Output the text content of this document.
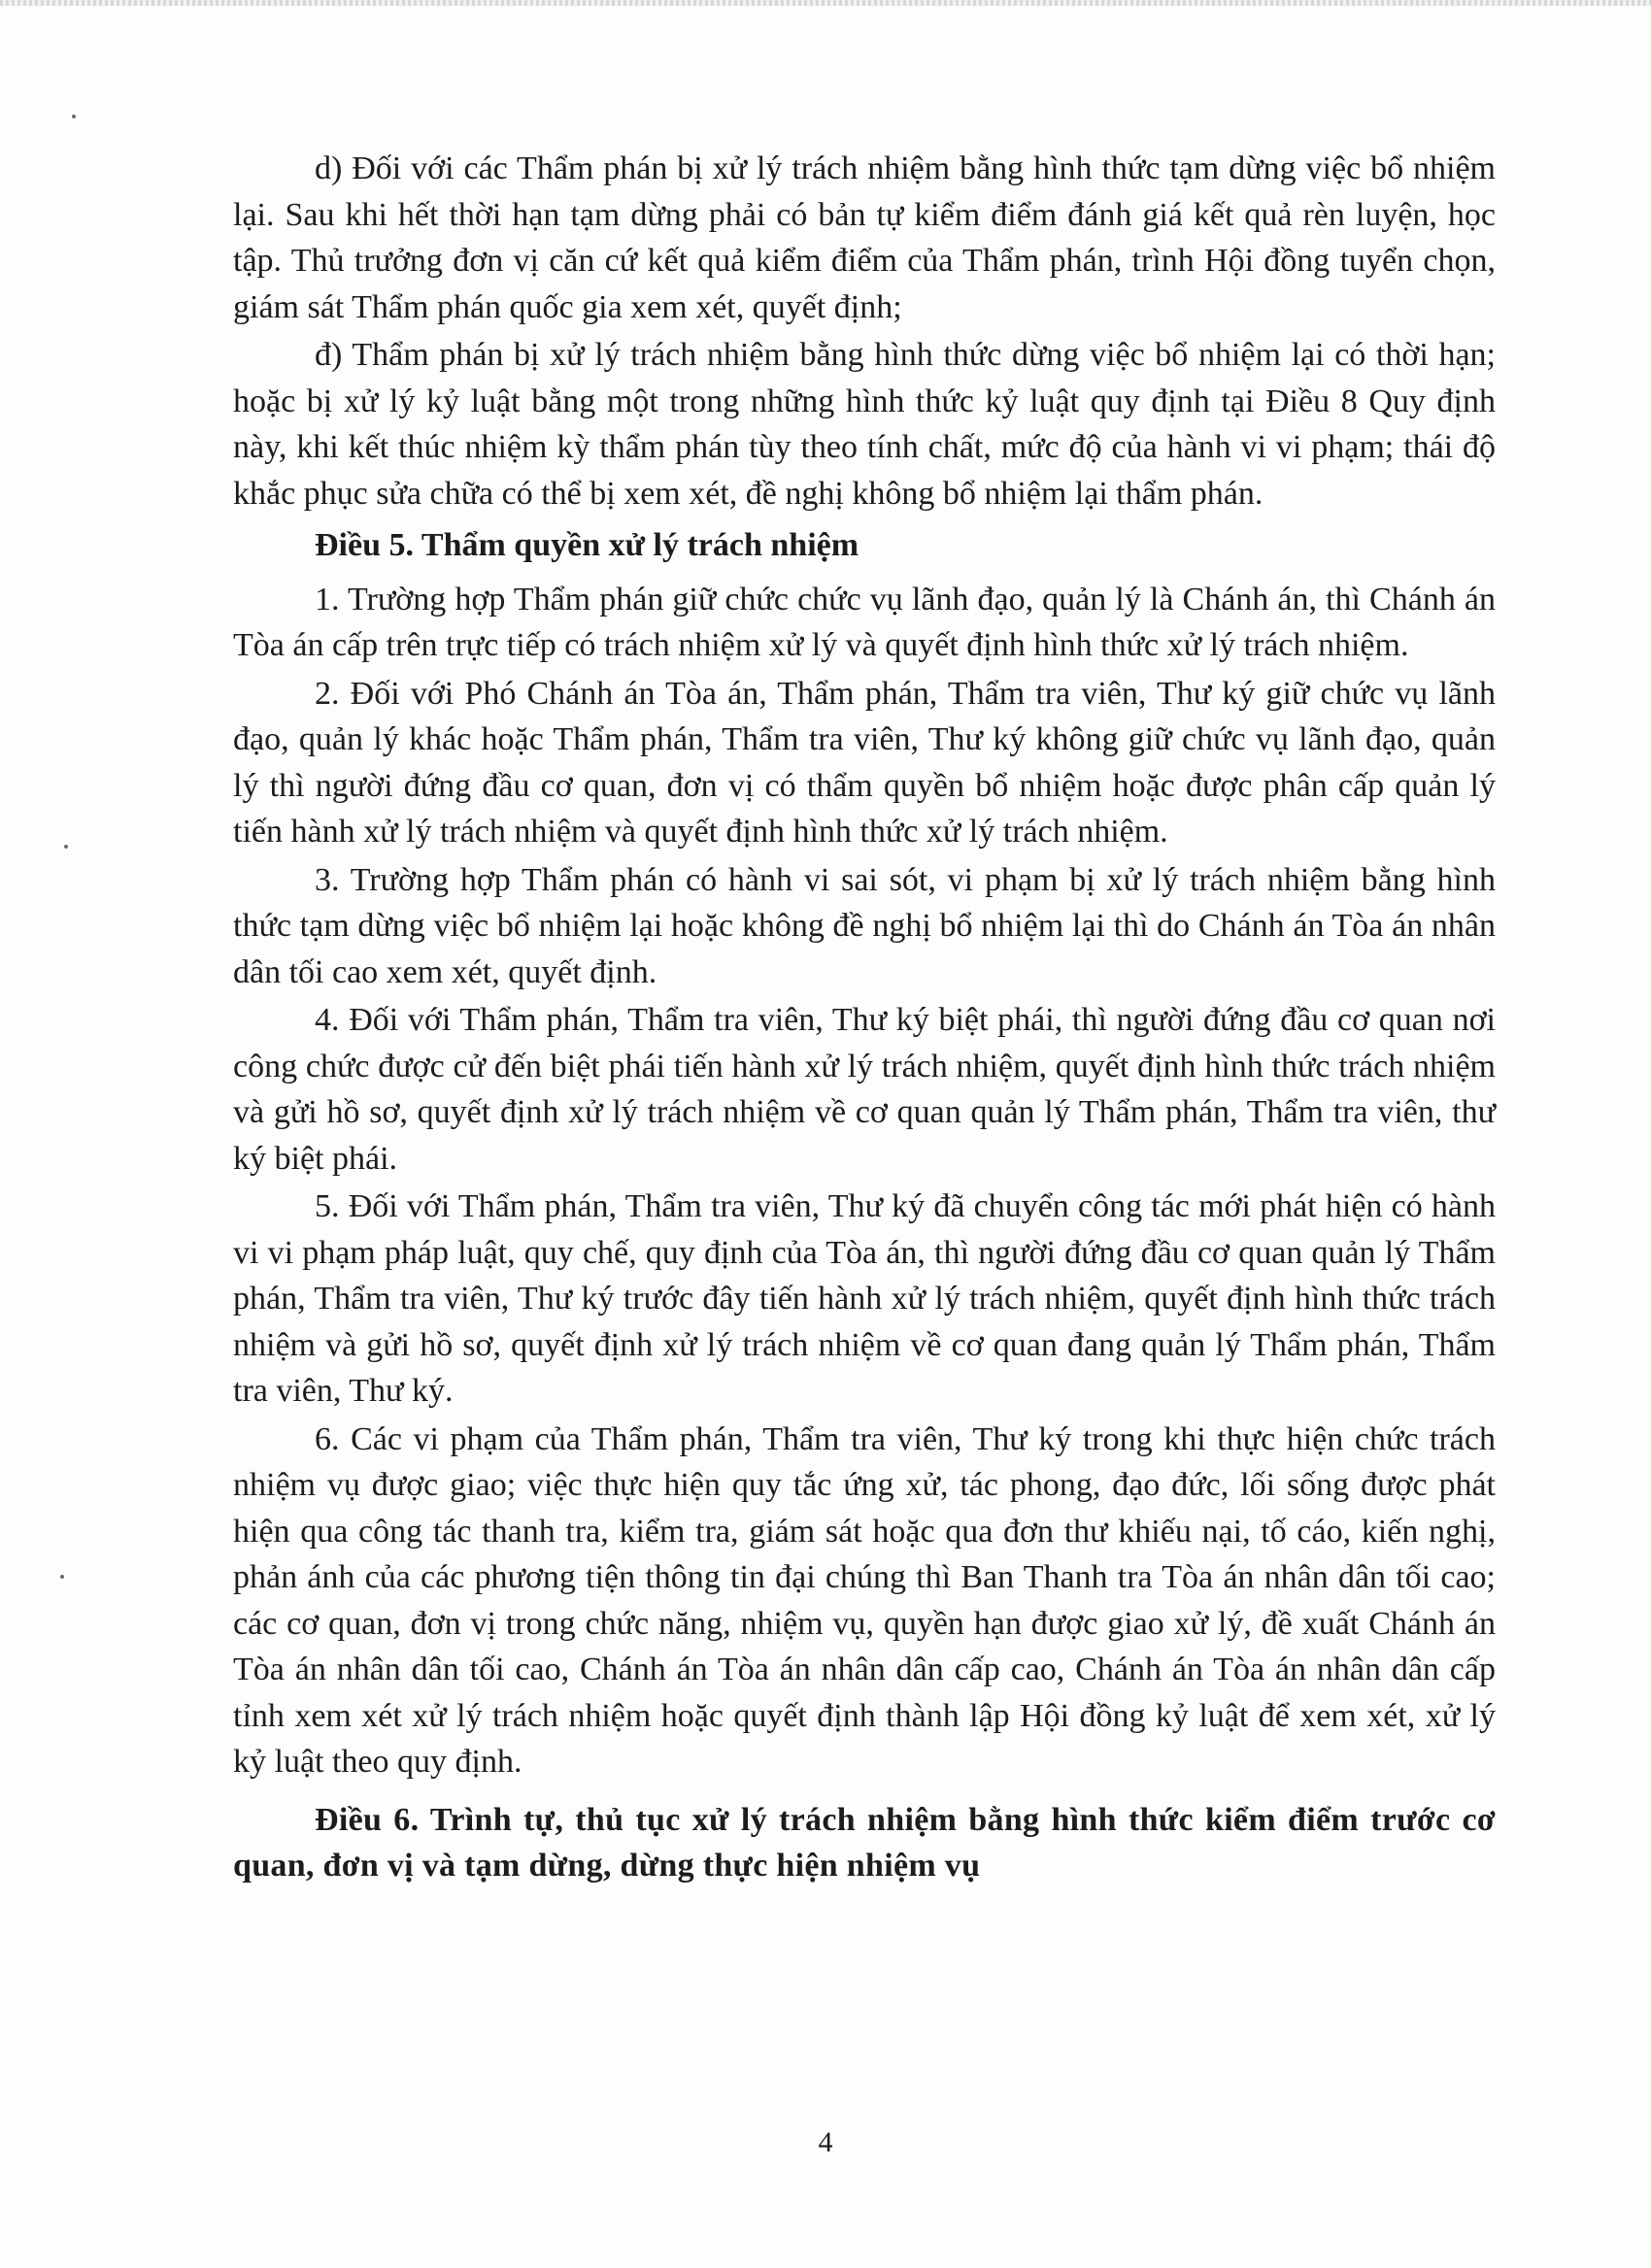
d) Đối với các Thẩm phán bị xử lý trách nhiệm bằng hình thức tạm dừng việc bổ nhiệm lại. Sau khi hết thời hạn tạm dừng phải có bản tự kiểm điểm đánh giá kết quả rèn luyện, học tập. Thủ trưởng đơn vị căn cứ kết quả kiểm điểm của Thẩm phán, trình Hội đồng tuyển chọn, giám sát Thẩm phán quốc gia xem xét, quyết định;

đ) Thẩm phán bị xử lý trách nhiệm bằng hình thức dừng việc bổ nhiệm lại có thời hạn; hoặc bị xử lý kỷ luật bằng một trong những hình thức kỷ luật quy định tại Điều 8 Quy định này, khi kết thúc nhiệm kỳ thẩm phán tùy theo tính chất, mức độ của hành vi vi phạm; thái độ khắc phục sửa chữa có thể bị xem xét, đề nghị không bổ nhiệm lại thẩm phán.

Điều 5. Thẩm quyền xử lý trách nhiệm

1. Trường hợp Thẩm phán giữ chức chức vụ lãnh đạo, quản lý là Chánh án, thì Chánh án Tòa án cấp trên trực tiếp có trách nhiệm xử lý và quyết định hình thức xử lý trách nhiệm.

2. Đối với Phó Chánh án Tòa án, Thẩm phán, Thẩm tra viên, Thư ký giữ chức vụ lãnh đạo, quản lý khác hoặc Thẩm phán, Thẩm tra viên, Thư ký không giữ chức vụ lãnh đạo, quản lý thì người đứng đầu cơ quan, đơn vị có thẩm quyền bổ nhiệm hoặc được phân cấp quản lý tiến hành xử lý trách nhiệm và quyết định hình thức xử lý trách nhiệm.

3. Trường hợp Thẩm phán có hành vi sai sót, vi phạm bị xử lý trách nhiệm bằng hình thức tạm dừng việc bổ nhiệm lại hoặc không đề nghị bổ nhiệm lại thì do Chánh án Tòa án nhân dân tối cao xem xét, quyết định.

4. Đối với Thẩm phán, Thẩm tra viên, Thư ký biệt phái, thì người đứng đầu cơ quan nơi công chức được cử đến biệt phái tiến hành xử lý trách nhiệm, quyết định hình thức trách nhiệm và gửi hồ sơ, quyết định xử lý trách nhiệm về cơ quan quản lý Thẩm phán, Thẩm tra viên, thư ký biệt phái.

5. Đối với Thẩm phán, Thẩm tra viên, Thư ký đã chuyển công tác mới phát hiện có hành vi vi phạm pháp luật, quy chế, quy định của Tòa án, thì người đứng đầu cơ quan quản lý Thẩm phán, Thẩm tra viên, Thư ký trước đây tiến hành xử lý trách nhiệm, quyết định hình thức trách nhiệm và gửi hồ sơ, quyết định xử lý trách nhiệm về cơ quan đang quản lý Thẩm phán, Thẩm tra viên, Thư ký.

6. Các vi phạm của Thẩm phán, Thẩm tra viên, Thư ký trong khi thực hiện chức trách nhiệm vụ được giao; việc thực hiện quy tắc ứng xử, tác phong, đạo đức, lối sống được phát hiện qua công tác thanh tra, kiểm tra, giám sát hoặc qua đơn thư khiếu nại, tố cáo, kiến nghị, phản ánh của các phương tiện thông tin đại chúng thì Ban Thanh tra Tòa án nhân dân tối cao; các cơ quan, đơn vị trong chức năng, nhiệm vụ, quyền hạn được giao xử lý, đề xuất Chánh án Tòa án nhân dân tối cao, Chánh án Tòa án nhân dân cấp cao, Chánh án Tòa án nhân dân cấp tỉnh xem xét xử lý trách nhiệm hoặc quyết định thành lập Hội đồng kỷ luật để xem xét, xử lý kỷ luật theo quy định.

Điều 6. Trình tự, thủ tục xử lý trách nhiệm bằng hình thức kiểm điểm trước cơ quan, đơn vị và tạm dừng, dừng thực hiện nhiệm vụ

4
